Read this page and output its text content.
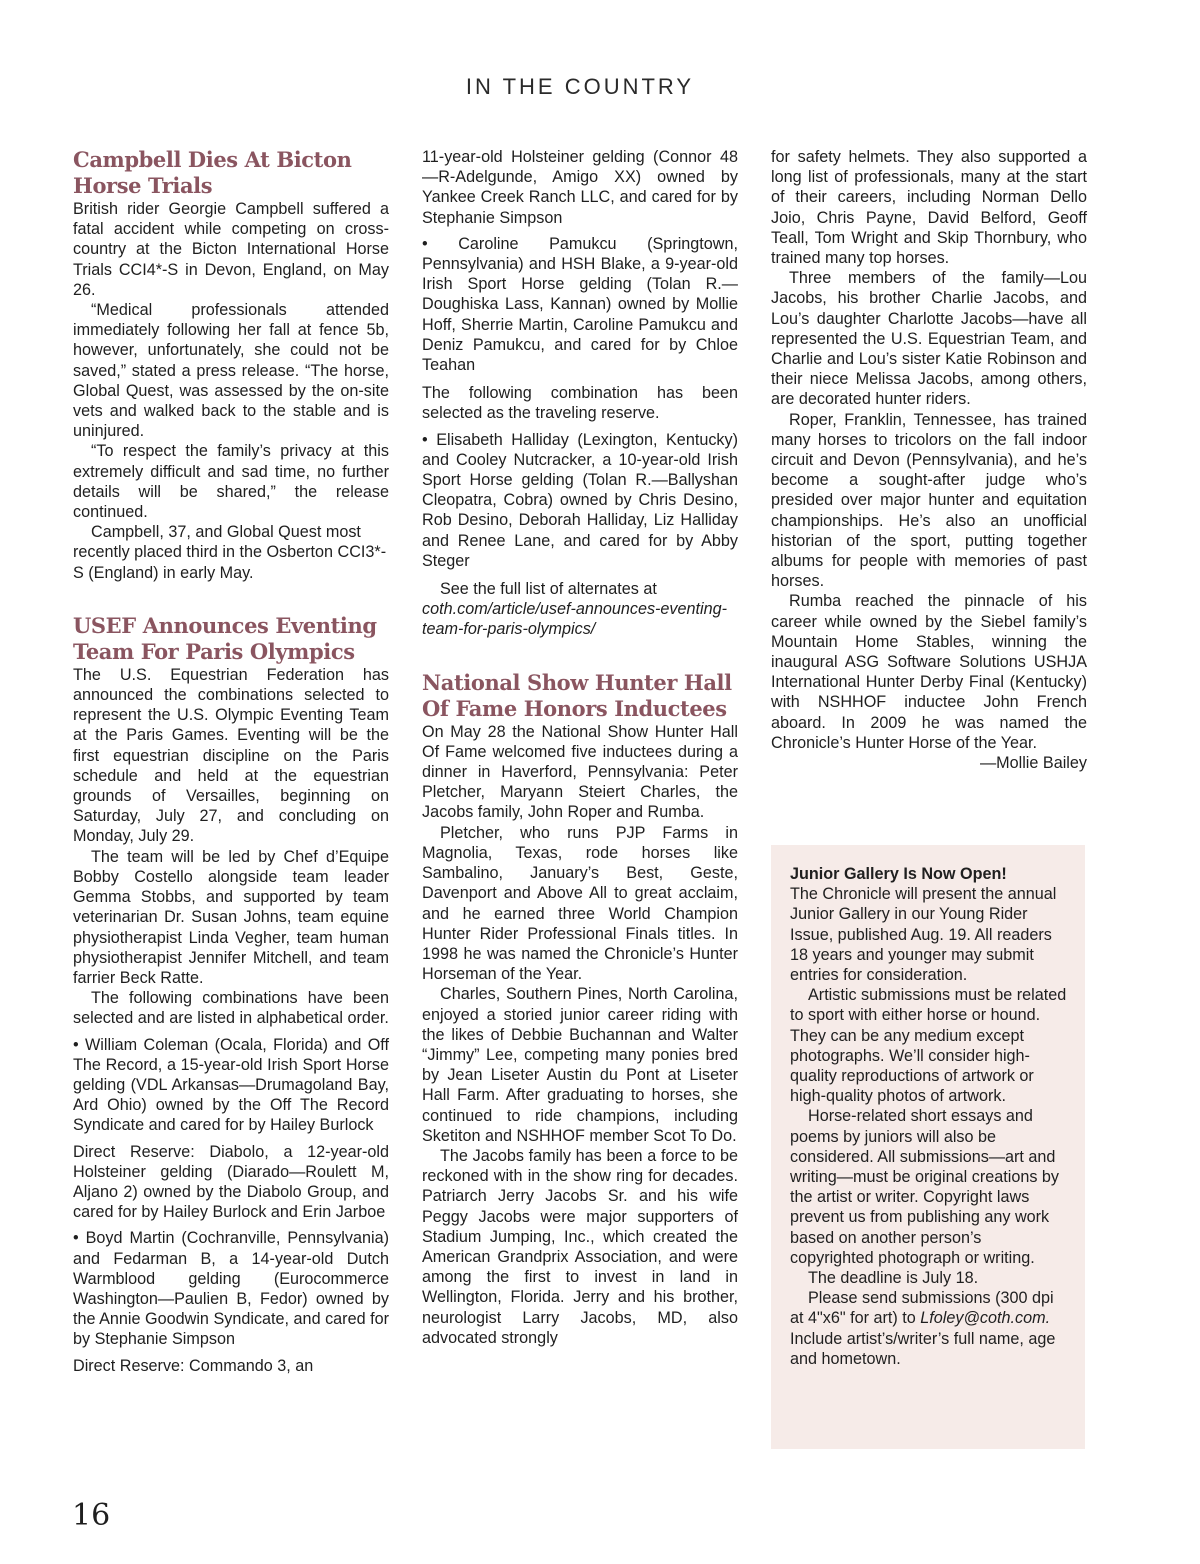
IN THE COUNTRY
Campbell Dies At Bicton Horse Trials

British rider Georgie Campbell suffered a fatal accident while competing on cross-country at the Bicton International Horse Trials CCI4*-S in Devon, England, on May 26.

“Medical professionals attended immediately following her fall at fence 5b, however, unfortunately, she could not be saved,” stated a press release. “The horse, Global Quest, was assessed by the on-site vets and walked back to the stable and is uninjured.

“To respect the family’s privacy at this extremely difficult and sad time, no further details will be shared,” the release continued.

Campbell, 37, and Global Quest most recently placed third in the Osberton CCI3*-S (England) in early May.

USEF Announces Eventing Team For Paris Olympics

The U.S. Equestrian Federation has announced the combinations selected to represent the U.S. Olympic Eventing Team at the Paris Games. Eventing will be the first equestrian discipline on the Paris schedule and held at the equestrian grounds of Versailles, beginning on Saturday, July 27, and concluding on Monday, July 29.

The team will be led by Chef d’Equipe Bobby Costello alongside team leader Gemma Stobbs, and supported by team veterinarian Dr. Susan Johns, team equine physiotherapist Linda Vegher, team human physiotherapist Jennifer Mitchell, and team farrier Beck Ratte.

The following combinations have been selected and are listed in alphabetical order.

• William Coleman (Ocala, Florida) and Off The Record, a 15-year-old Irish Sport Horse gelding (VDL Arkansas—Drumagoland Bay, Ard Ohio) owned by the Off The Record Syndicate and cared for by Hailey Burlock

Direct Reserve: Diabolo, a 12-year-old Holsteiner gelding (Diarado—Roulett M, Aljano 2) owned by the Diabolo Group, and cared for by Hailey Burlock and Erin Jarboe

• Boyd Martin (Cochranville, Pennsylvania) and Fedarman B, a 14-year-old Dutch Warmblood gelding (Eurocommerce Washington—Paulien B, Fedor) owned by the Annie Goodwin Syndicate, and cared for by Stephanie Simpson

Direct Reserve: Commando 3, an

11-year-old Holsteiner gelding (Connor 48—R-Adelgunde, Amigo XX) owned by Yankee Creek Ranch LLC, and cared for by Stephanie Simpson

• Caroline Pamukcu (Springtown, Pennsylvania) and HSH Blake, a 9-year-old Irish Sport Horse gelding (Tolan R.—Doughiska Lass, Kannan) owned by Mollie Hoff, Sherrie Martin, Caroline Pamukcu and Deniz Pamukcu, and cared for by Chloe Teahan

The following combination has been selected as the traveling reserve.

• Elisabeth Halliday (Lexington, Kentucky) and Cooley Nutcracker, a 10-year-old Irish Sport Horse gelding (Tolan R.—Ballyshan Cleopatra, Cobra) owned by Chris Desino, Rob Desino, Deborah Halliday, Liz Halliday and Renee Lane, and cared for by Abby Steger

See the full list of alternates at coth.com/article/usef-announces-eventing-team-for-paris-olympics/

National Show Hunter Hall Of Fame Honors Inductees

On May 28 the National Show Hunter Hall Of Fame welcomed five inductees during a dinner in Haverford, Pennsylvania: Peter Pletcher, Maryann Steiert Charles, the Jacobs family, John Roper and Rumba.

Pletcher, who runs PJP Farms in Magnolia, Texas, rode horses like Sambalino, January’s Best, Geste, Davenport and Above All to great acclaim, and he earned three World Champion Hunter Rider Professional Finals titles. In 1998 he was named the Chronicle’s Hunter Horseman of the Year.

Charles, Southern Pines, North Carolina, enjoyed a storied junior career riding with the likes of Debbie Buchannan and Walter “Jimmy” Lee, competing many ponies bred by Jean Liseter Austin du Pont at Liseter Hall Farm. After graduating to horses, she continued to ride champions, including Sketiton and NSHHOF member Scot To Do.

The Jacobs family has been a force to be reckoned with in the show ring for decades. Patriarch Jerry Jacobs Sr. and his wife Peggy Jacobs were major supporters of Stadium Jumping, Inc., which created the American Grandprix Association, and were among the first to invest in land in Wellington, Florida. Jerry and his brother, neurologist Larry Jacobs, MD, also advocated strongly

for safety helmets. They also supported a long list of professionals, many at the start of their careers, including Norman Dello Joio, Chris Payne, David Belford, Geoff Teall, Tom Wright and Skip Thornbury, who trained many top horses.

Three members of the family—Lou Jacobs, his brother Charlie Jacobs, and Lou’s daughter Charlotte Jacobs—have all represented the U.S. Equestrian Team, and Charlie and Lou’s sister Katie Robinson and their niece Melissa Jacobs, among others, are decorated hunter riders.

Roper, Franklin, Tennessee, has trained many horses to tricolors on the fall indoor circuit and Devon (Pennsylvania), and he’s become a sought-after judge who’s presided over major hunter and equitation championships. He’s also an unofficial historian of the sport, putting together albums for people with memories of past horses.

Rumba reached the pinnacle of his career while owned by the Siebel family’s Mountain Home Stables, winning the inaugural ASG Software Solutions USHJA International Hunter Derby Final (Kentucky) with NSHHOF inductee John French aboard. In 2009 he was named the Chronicle’s Hunter Horse of the Year.

—Mollie Bailey

Junior Gallery Is Now Open!

The Chronicle will present the annual Junior Gallery in our Young Rider Issue, published Aug. 19. All readers 18 years and younger may submit entries for consideration.

Artistic submissions must be related to sport with either horse or hound. They can be any medium except photographs. We’ll consider high-quality reproductions of artwork or high-quality photos of artwork.

Horse-related short essays and poems by juniors will also be considered. All submissions—art and writing—must be original creations by the artist or writer. Copyright laws prevent us from publishing any work based on another person’s copyrighted photograph or writing.

The deadline is July 18.

Please send submissions (300 dpi at 4"x6" for art) to Lfoley@coth.com. Include artist’s/writer’s full name, age and hometown.

16
